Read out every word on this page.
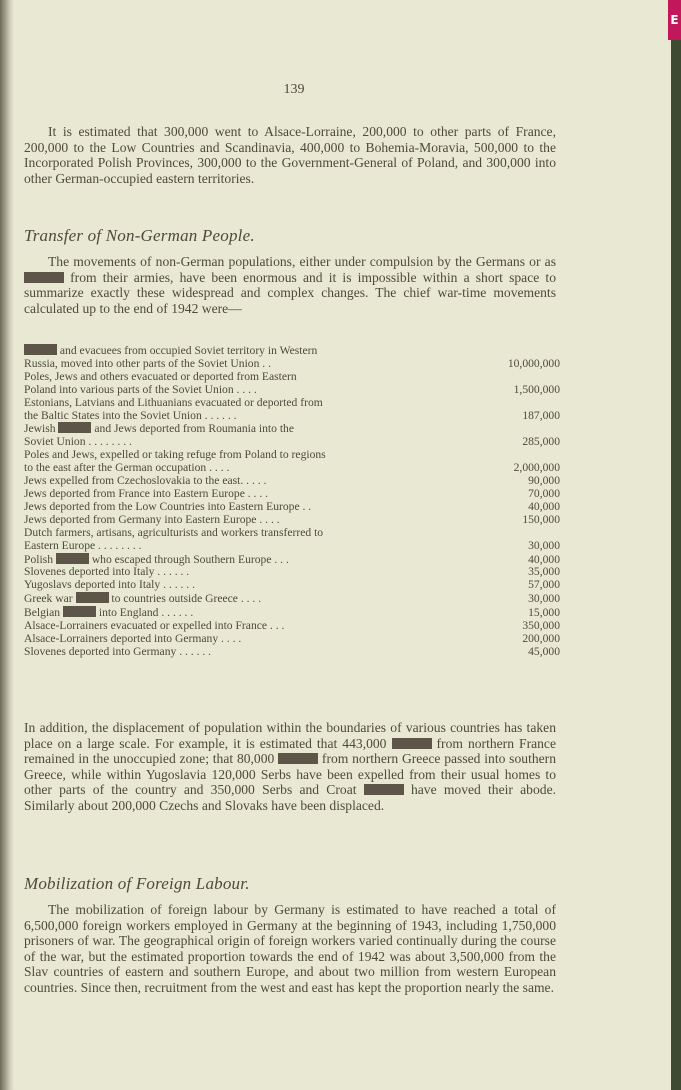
E
139

It is estimated that 300,000 went to Alsace-Lorraine, 200,000 to other parts of France, 200,000 to the Low Countries and Scandinavia, 400,000 to Bohemia-Moravia, 500,000 to the Incorporated Polish Provinces, 300,000 to the Government-General of Poland, and 300,000 into other German-occupied eastern territories.

Transfer of Non-German People.

The movements of non-German populations, either under compulsion by the Germans or as  from their armies, have been enormous and it is impossible within a short space to summarize exactly these widespread and complex changes. The chief war-time movements calculated up to the end of 1942 were—

and evacuees from occupied Soviet territory in Western	
Russia, moved into other parts of the Soviet Union . .	10,000,000
Poles, Jews and others evacuated or deported from Eastern	
Poland into various parts of the Soviet Union . . . .	1,500,000
Estonians, Latvians and Lithuanians evacuated or deported from	
the Baltic States into the Soviet Union . . . . . .	187,000
Jewish and Jews deported from Roumania into the	
Soviet Union . . . . . . . .	285,000
Poles and Jews, expelled or taking refuge from Poland to regions	
to the east after the German occupation . . . .	2,000,000
Jews expelled from Czechoslovakia to the east. . . . .	90,000
Jews deported from France into Eastern Europe . . . .	70,000
Jews deported from the Low Countries into Eastern Europe . .	40,000
Jews deported from Germany into Eastern Europe . . . .	150,000
Dutch farmers, artisans, agriculturists and workers transferred to	
Eastern Europe . . . . . . . .	30,000
Polish who escaped through Southern Europe . . .	40,000
Slovenes deported into Italy . . . . . .	35,000
Yugoslavs deported into Italy . . . . . .	57,000
Greek war to countries outside Greece . . . .	30,000
Belgian into England . . . . . .	15,000
Alsace-Lorrainers evacuated or expelled into France . . .	350,000
Alsace-Lorrainers deported into Germany . . . .	200,000
Slovenes deported into Germany . . . . . .	45,000

In addition, the displacement of population within the boundaries of various countries has taken place on a large scale. For example, it is estimated that 443,000	from northern France remained in the unoccupied zone; that 80,000	from northern Greece passed into southern Greece, while within Yugoslavia 120,000 Serbs have been expelled from their usual homes to other parts of the country and 350,000 Serbs and Croat	have moved their abode. Similarly about 200,000 Czechs and Slovaks have been displaced.

Mobilization of Foreign Labour.

The mobilization of foreign labour by Germany is estimated to have reached a total of 6,500,000 foreign workers employed in Germany at the beginning of 1943, including 1,750,000 prisoners of war. The geographical origin of foreign workers varied continually during the course of the war, but the estimated proportion towards the end of 1942 was about 3,500,000 from the Slav countries of eastern and southern Europe, and about two million from western European countries. Since then, recruitment from the west and east has kept the proportion nearly the same.
